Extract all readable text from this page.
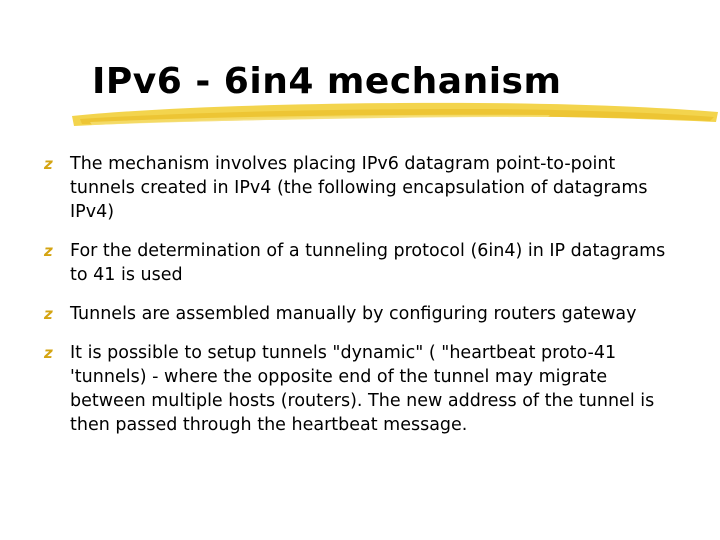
IPv6 - 6in4 mechanism
z The mechanism involves placing IPv6 datagram point-to-point tunnels created in IPv4 (the following encapsulation of datagrams IPv4)
z For the determination of a tunneling protocol (6in4) in IP datagrams to 41 is used
z Tunnels are assembled manually by configuring routers gateway
z It is possible to setup tunnels "dynamic" ( "heartbeat proto-41 'tunnels) - where the opposite end of the tunnel may migrate between multiple hosts (routers). The new address of the tunnel is then passed through the heartbeat message.
